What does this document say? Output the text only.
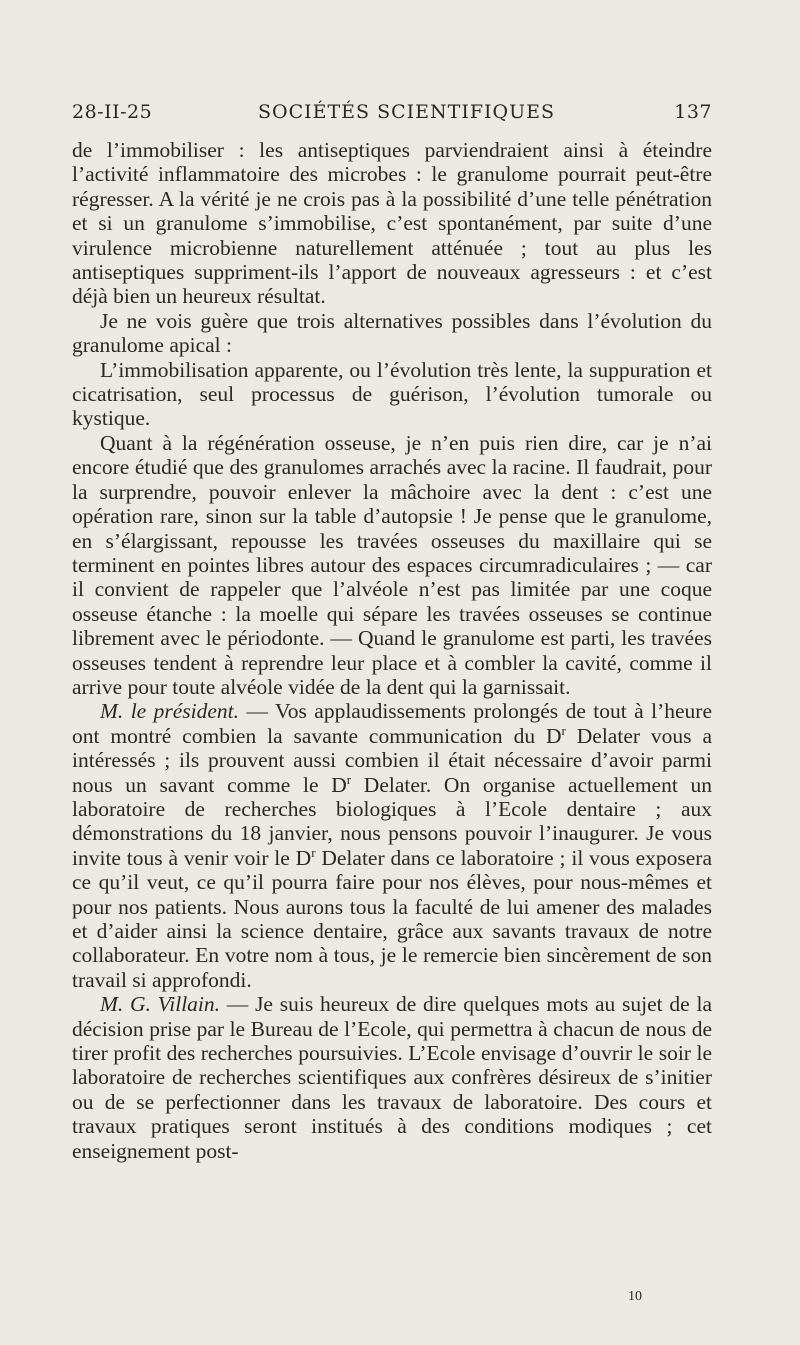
28-II-25	SOCIÉTÉS SCIENTIFIQUES	137

de l’immobiliser : les antiseptiques parviendraient ainsi à éteindre l’activité inflammatoire des microbes : le granulome pourrait peut-être régresser. A la vérité je ne crois pas à la possibilité d’une telle pénétration et si un granulome s’immobilise, c’est spontanément, par suite d’une virulence microbienne naturellement atténuée ; tout au plus les antiseptiques suppriment-ils l’apport de nouveaux agresseurs : et c’est déjà bien un heureux résultat.

Je ne vois guère que trois alternatives possibles dans l’évolution du granulome apical :

L’immobilisation apparente, ou l’évolution très lente, la suppuration et cicatrisation, seul processus de guérison, l’évolution tumorale ou kystique.

Quant à la régénération osseuse, je n’en puis rien dire, car je n’ai encore étudié que des granulomes arrachés avec la racine. Il faudrait, pour la surprendre, pouvoir enlever la mâchoire avec la dent : c’est une opération rare, sinon sur la table d’autopsie ! Je pense que le granulome, en s’élargissant, repousse les travées osseuses du maxillaire qui se terminent en pointes libres autour des espaces circumradiculaires ; — car il convient de rappeler que l’alvéole n’est pas limitée par une coque osseuse étanche : la moelle qui sépare les travées osseuses se continue librement avec le périodonte. — Quand le granulome est parti, les travées osseuses tendent à reprendre leur place et à combler la cavité, comme il arrive pour toute alvéole vidée de la dent qui la garnissait.

M. le président. — Vos applaudissements prolongés de tout à l’heure ont montré combien la savante communication du $D^r$ Delater vous a intéressés ; ils prouvent aussi combien il était nécessaire d’avoir parmi nous un savant comme le $D^r$ Delater. On organise actuellement un laboratoire de recherches biologiques à l’Ecole dentaire ; aux démonstrations du 18 janvier, nous pensons pouvoir l’inaugurer. Je vous invite tous à venir voir le $D^r$ Delater dans ce laboratoire ; il vous exposera ce qu’il veut, ce qu’il pourra faire pour nos élèves, pour nous-mêmes et pour nos patients. Nous aurons tous la faculté de lui amener des malades et d’aider ainsi la science dentaire, grâce aux savants travaux de notre collaborateur. En votre nom à tous, je le remercie bien sincèrement de son travail si approfondi.

M. G. Villain. — Je suis heureux de dire quelques mots au sujet de la décision prise par le Bureau de l’Ecole, qui permettra à chacun de nous de tirer profit des recherches poursuivies. L’Ecole envisage d’ouvrir le soir le laboratoire de recherches scientifiques aux confrères désireux de s’initier ou de se perfectionner dans les travaux de laboratoire. Des cours et travaux pratiques seront institués à des conditions modiques ; cet enseignement post-

10
